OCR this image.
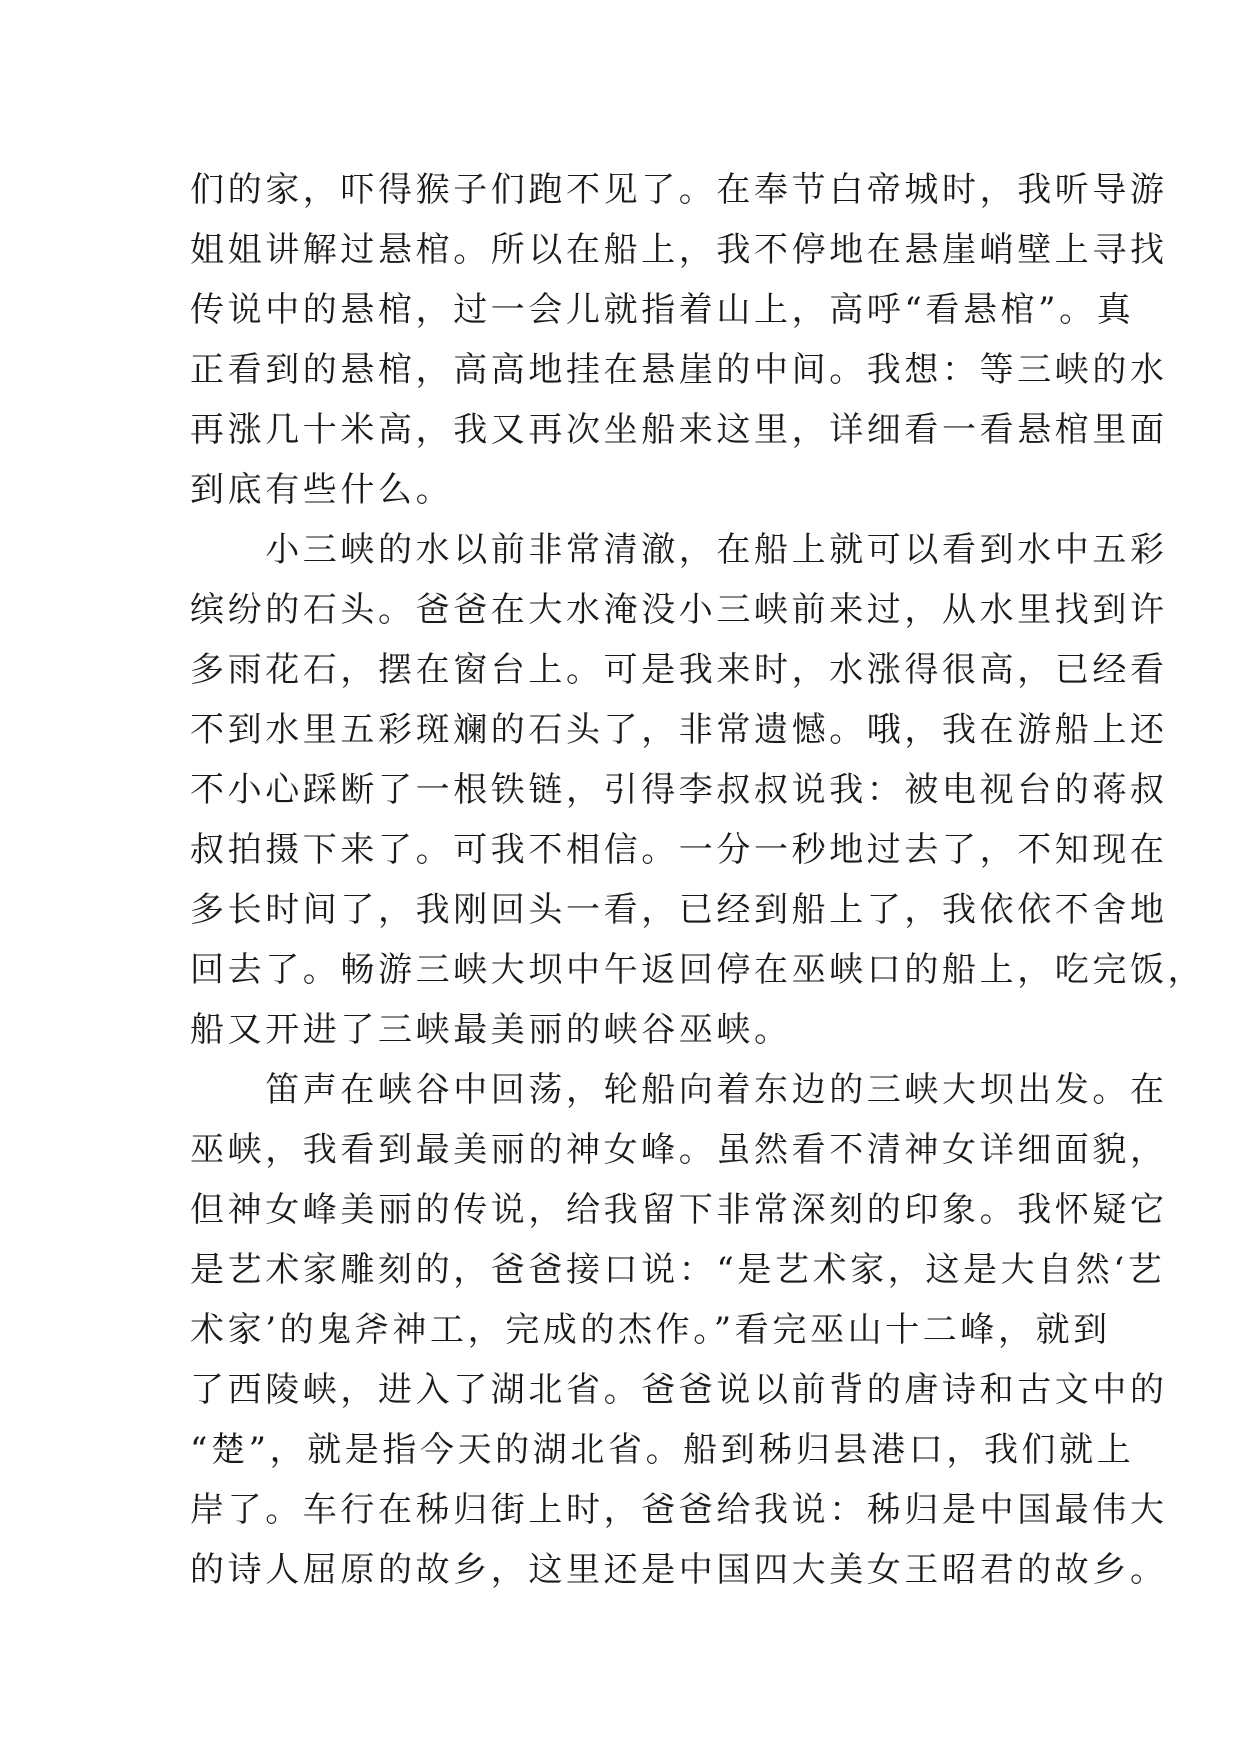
们的家，吓得猴子们跑不见了。在奉节白帝城时，我听导游
姐姐讲解过悬棺。所以在船上，我不停地在悬崖峭壁上寻找
传说中的悬棺，过一会儿就指着山上，高呼“看悬棺”。真
正看到的悬棺，高高地挂在悬崖的中间。我想：等三峡的水
再涨几十米高，我又再次坐船来这里，详细看一看悬棺里面
到底有些什么。
　　小三峡的水以前非常清澈，在船上就可以看到水中五彩
缤纷的石头。爸爸在大水淹没小三峡前来过，从水里找到许
多雨花石，摆在窗台上。可是我来时，水涨得很高，已经看
不到水里五彩斑斓的石头了，非常遗憾。哦，我在游船上还
不小心踩断了一根铁链，引得李叔叔说我：被电视台的蒋叔
叔拍摄下来了。可我不相信。一分一秒地过去了，不知现在
多长时间了，我刚回头一看，已经到船上了，我依依不舍地
回去了。畅游三峡大坝中午返回停在巫峡口的船上，吃完饭，
船又开进了三峡最美丽的峡谷巫峡。
　　笛声在峡谷中回荡，轮船向着东边的三峡大坝出发。在
巫峡，我看到最美丽的神女峰。虽然看不清神女详细面貌，
但神女峰美丽的传说，给我留下非常深刻的印象。我怀疑它
是艺术家雕刻的，爸爸接口说：“是艺术家，这是大自然‘艺
术家’的鬼斧神工，完成的杰作。”看完巫山十二峰，就到
了西陵峡，进入了湖北省。爸爸说以前背的唐诗和古文中的
“楚”，就是指今天的湖北省。船到秭归县港口，我们就上
岸了。车行在秭归街上时，爸爸给我说：秭归是中国最伟大
的诗人屈原的故乡，这里还是中国四大美女王昭君的故乡。
